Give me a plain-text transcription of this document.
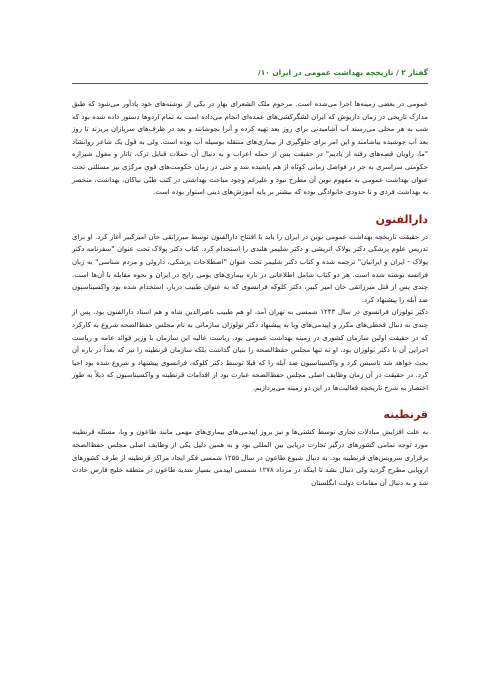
گفتار ۲ / تاریخچه بهداشت عمومی در ایران ۱۰/

عمومی در بعضی زمینه‌ها اجرا می‌شده است. مرحوم ملک الشعرای بهار در یکی از نوشته‌های خود یادآور می‌شود که طبق مدارک تاریخی در زمان داریوش که ایران لشگرکشی‌های عمده‌ای انجام می‌داده است به تمام اردوها دستور داده شده بود که شب به هر محلی می‌رسند آب آشامیدنی برای روز بعد تهیه کرده و آنرا بجوشانند و بعد در ظرف‌های سربازان بریزند تا روز بعد آب جوشیده بیاشامند و این امر برای جلوگیری از بیماری‌های منتقله بوسیله آب بوده است. ولی به قول یک شاعر روانشاد "ما، راویان قصه‌های رفته از یادیم" در حقیقت پس از حمله اعراب و به دنبال آن حملات قبایل ترک، تاتار و مغول شیرازه حکومتی سراسری به جز در فواصل زمانی کوتاه از هم پاشیده شد و حتی در زمان حکومت‌های قوی‌ِ مرکزی نیز مسئلتی تحت عنوان بهداشت عمومی به مفهوم نوین آن مطرح نبود و علیرغم وجود مباحث بهداشتی در کتب طبّی نیاکان، بهداشت، منحصر به بهداشت فردی و تا حدودی خانوادگی بوده که بیشتر بر پایه آموزش‌های دینی استوار بوده است.

دارالفنون

در حقیقت تاریخچه بهداشت عمومی نوین در ایران را باید با افتتاح دارالفنون توسط میرزاتقی خان امیرکبیر آغاز کرد. او برای تدریس علوم پزشکی دکتر پولاک اتریشی و دکتر شلیمر هلندی را استخدام کرد. کتاب دکتر پولاک تحت عنوان "سفرنامه دکتر پولاک - ایران و ایرانیان" ترجمه شده و کتاب دکتر شلیمر تحت عنوان "اصطلاحات پزشکی، داروئی و مردم شناسی" به زبان فرانسه نوشته شده است. هر دو کتاب شامل اطلاعاتی در باره بیماری‌های بومی رایج در ایران و نحوه مقابله با آن‌ها است. چندی پس از قتل میرزاتقی خان امیر کبیر، دکتر کلوکه فرانسوی که به عنوان طبیب دربار، استخدام شده بود واکسیناسیون ضد آبله را پیشنهاد کرد.

دکتر تولوزان فرانسوی در سال ۱۲۴۳ شمسی به تهران آمد، او هم طبیب ناصرالدین شاه و هم استاد دارالفنون بود. پس از چندی به دنبال قحطی‌های مکرر و اپیدمی‌های وبا به پیشنهاد دکتر تولوزان سازمانی به نام مجلس حفظ‌الصحه شروع به کارکرد که در حقیقت اولین سازمان کشوری در زمینه بهداشت عمومی بود. ریاست عالیه این سازمان با وزیر فوائد عامه و ریاست اجرایی آن با دکتر تولوزان بود. او نه تنها مجلس حفظ‌الصحه را بنیان گذاشت بلکه سازمان قرنطینه را نیز که بعداً در باره آن بحث خواهد شد تاسیس کرد و واکسیناسیون ضد آبله را که قبلا توسط دکتر کلوکه، فرانسوی پیشنهاد و شروع شده بود احیا کرد. در حقیقت در آن زمان وظایف اصلی مجلس حفظ‌الصحه عبارت بود از اقدامات قرنطینه و واکسیناسیون که ذیلاً به طور اختصار به شرح تاریخچه فعالیت‌ها در این دو زمینه می‌پردازیم.

قرنطینه

به علت افزایش مبادلات تجاری توسط کشتی‌ها و نیز بروز اپیدمی‌های بیماری‌های مهمی مانند طاعون و وبا، مسئله قرنطینه مورد توجه تمامی کشورهای درگیر تجارت دریایی بین المللی بود و به همین دلیل یکی از وظایف اصلی مجلس حفظ‌الصحه برقراری سرویس‌های قرنطینه بود. به دنبال شیوع طاعون در سال ۱۲۵۵ شمسی فکر ایجاد مراکز قرنطینه از طرف کشورهای اروپایی مطرح گردید ولی دنبال نشد تا اینکه در مرداد ۱۲۷۸ شمسی اپیدمی بسیار شدید طاعون در منطقه خلیج فارس حادث شد و به دنبال آن مقامات دولت انگلستان
